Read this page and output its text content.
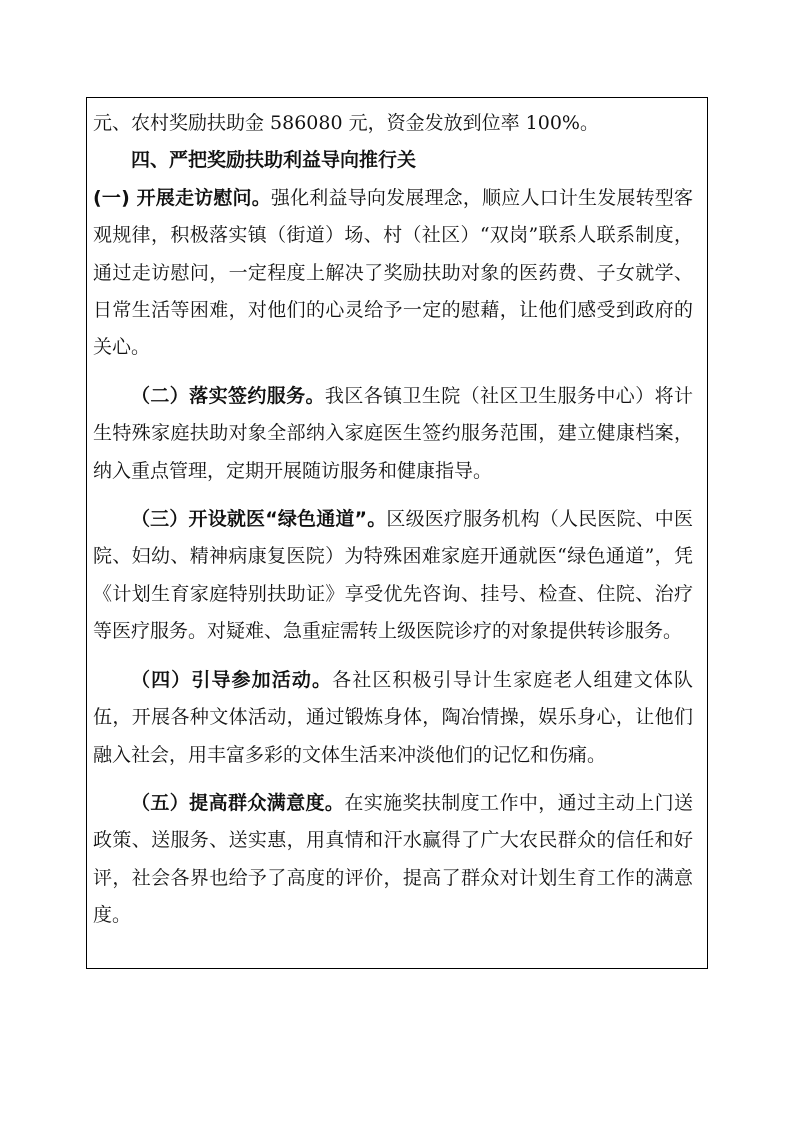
元、农村奖励扶助金 586080 元，资金发放到位率 100%。

四、严把奖励扶助利益导向推行关

(一) 开展走访慰问。强化利益导向发展理念，顺应人口计生发展转型客观规律，积极落实镇（街道）场、村（社区）“双岗”联系人联系制度，通过走访慰问，一定程度上解决了奖励扶助对象的医药费、子女就学、日常生活等困难，对他们的心灵给予一定的慰藉，让他们感受到政府的关心。

（二）落实签约服务。我区各镇卫生院（社区卫生服务中心）将计生特殊家庭扶助对象全部纳入家庭医生签约服务范围，建立健康档案，纳入重点管理，定期开展随访服务和健康指导。

（三）开设就医“绿色通道”。区级医疗服务机构（人民医院、中医院、妇幼、精神病康复医院）为特殊困难家庭开通就医“绿色通道”，凭《计划生育家庭特别扶助证》享受优先咨询、挂号、检查、住院、治疗等医疗服务。对疑难、急重症需转上级医院诊疗的对象提供转诊服务。

（四）引导参加活动。各社区积极引导计生家庭老人组建文体队伍，开展各种文体活动，通过锻炼身体，陶冶情操，娱乐身心，让他们融入社会，用丰富多彩的文体生活来冲淡他们的记忆和伤痛。

（五）提高群众满意度。在实施奖扶制度工作中，通过主动上门送政策、送服务、送实惠，用真情和汗水赢得了广大农民群众的信任和好评，社会各界也给予了高度的评价，提高了群众对计划生育工作的满意度。
